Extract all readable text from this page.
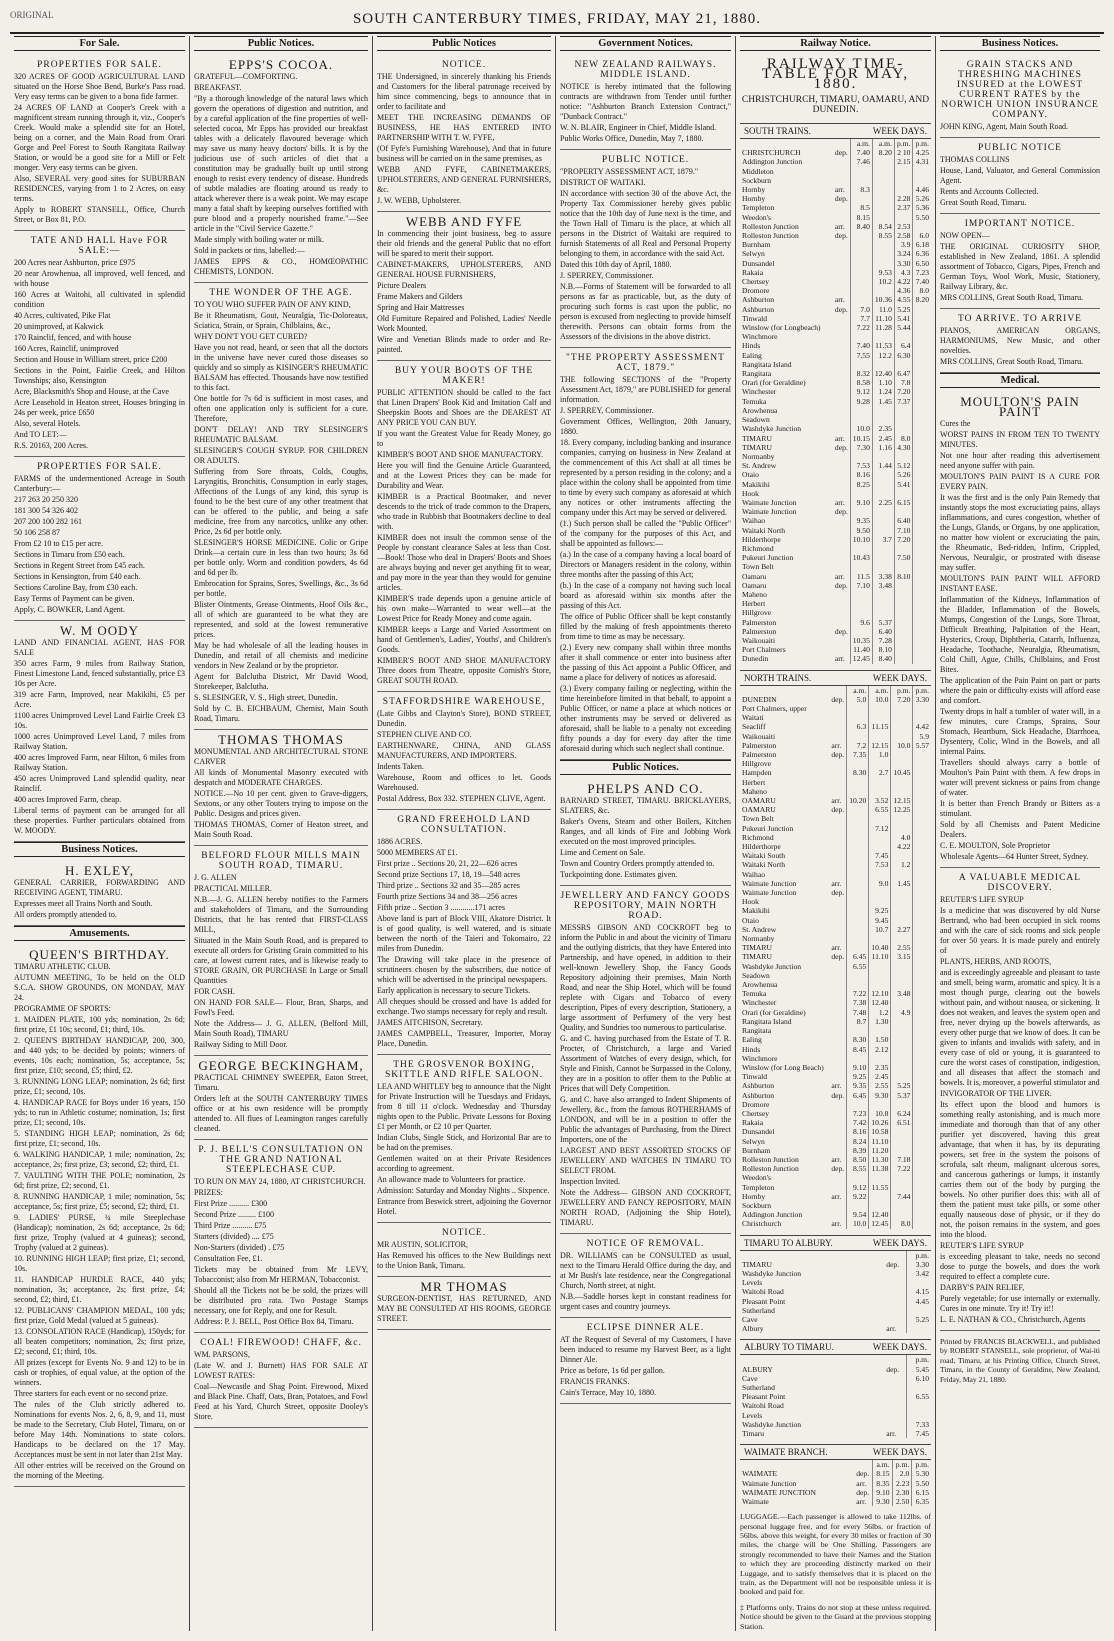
ORIGINAL	SOUTH CANTERBURY TIMES, FRIDAY, MAY 21, 1880.
For Sale.
PROPERTIES FOR SALE.

320 ACRES OF GOOD AGRICULTURAL LAND situated on the Horse Shoe Bend, Burke's Pass road. Very easy terms can be given to a bona fide farmer.

24 ACRES OF LAND at Cooper's Creek with a magnificent stream running through it, viz., Cooper's Creek. Would make a splendid site for an Hotel, being on a corner, and the Main Road from Orari Gorge and Peel Forest to South Rangitata Railway Station, or would be a good site for a Mill or Felt monger. Very easy terms can be given.

Also, SEVERAL very good sites for SUBURBAN RESIDENCES, varying from 1 to 2 Acres, on easy terms.

Apply to ROBERT STANSELL, Office, Church Street, or Box 81, P.O.

TATE AND HALL Have FOR SALE:—

200 Acres near Ashburton, price £975

20 near Arowhenua, all improved, well fenced, and with house

160 Acres at Waitohi, all cultivated in splendid condition

40 Acres, cultivated, Pike Flat

20 unimproved, at Kakwick

170 Rainclif, fenced, and with house

160 Acres, Rainclif, unimproved

Section and House in William street, price £200

Sections in the Point, Fairlie Creek, and Hilton Townships; also, Kensington

Acre, Blacksmith's Shop and House, at the Cave

Acre Leasehold in Heaton street, Houses bringing in 24s per week, price £650

Also, several Hotels.

And TO LET:—

R.S. 20163, 200 Acres.

PROPERTIES FOR SALE.

FARMS of the undermentioned Acreage in South Canterbury:—

217 263 20 250 320

181 300 54 326 402

207 200 100 282 161

50 106 258 87

From £2 10 to £15 per acre.

Sections in Timaru from £50 each.

Sections in Regent Street from £45 each.

Sections in Kensington, from £40 each.

Sections Caroline Bay, from £30 each.

Easy Terms of Payment can be given.

Apply, C. BOWKER, Land Agent.

W. M OODY

LAND AND FINANCIAL AGENT, HAS FOR SALE

350 acres Farm, 9 miles from Railway Station, Finest Limestone Land, fenced substantially, price £3 10s per Acre.

319 acre Farm, Improved, near Makikihi, £5 per Acre.

1100 acres Unimproved Level Land Fairlie Creek £3 10s.

1000 acres Unimproved Level Land, 7 miles from Railway Station.

400 acres Improved Farm, near Hilton, 6 miles from Railway Station.

450 acres Unimproved Land splendid quality, near Rainclif.

400 acres Improved Farm, cheap.

Liberal terms of payment can be arranged for all these properties. Further particulars obtained from W. MOODY.

Business Notices.
H. EXLEY,

GENERAL CARRIER, FORWARDING AND RECEIVING AGENT, TIMARU.

Expresses meet all Trains North and South.

All orders promptly attended to.

Amusements.
QUEEN'S BIRTHDAY.

TIMARU ATHLETIC CLUB.

AUTUMN MEETING, To be held on the OLD S.C.A. SHOW GROUNDS, ON MONDAY, MAY 24.

PROGRAMME OF SPORTS:

1. MAIDEN PLATE, 100 yds; nomination, 2s 6d; first prize, £1 10s; second, £1; third, 10s.

2. QUEEN'S BIRTHDAY HANDICAP, 200, 300, and 440 yds; to be decided by points; winners of events, 10s each; nomination, 5s; acceptance, 5s; first prize, £10; second, £5; third, £2.

3. RUNNING LONG LEAP; nomination, 2s 6d; first prize, £1; second, 10s.

4. HANDICAP RACE for Boys under 16 years, 150 yds; to run in Athletic costume; nomination, 1s; first prize, £1; second, 10s.

5. STANDING HIGH LEAP; nomination, 2s 6d; first prize, £1; second, 10s.

6. WALKING HANDICAP, 1 mile; nomination, 2s; acceptance, 2s; first prize, £3; second, £2; third, £1.

7. VAULTING WITH THE POLE; nomination, 2s 6d; first prize, £2; second, £1.

8. RUNNING HANDICAP, 1 mile; nomination, 5s; acceptance, 5s; first prize, £5; second, £2; third, £1.

9. LADIES' PURSE, ¾ mile Steeplechase (Handicap); nomination, 2s 6d; acceptance, 2s 6d; first prize, Trophy (valued at 4 guineas); second, Trophy (valued at 2 guineas).

10. RUNNING HIGH LEAP; first prize, £1; second, 10s.

11. HANDICAP HURDLE RACE, 440 yds; nomination, 3s; acceptance, 2s; first prize, £4; second, £2; third, £1.

12. PUBLICANS' CHAMPION MEDAL, 100 yds; first prize, Gold Medal (valued at 5 guineas).

13. CONSOLATION RACE (Handicap), 150yds; for all beaten competitors; nomination, 2s; first prize, £2; second, £1; third, 10s.

All prizes (except for Events No. 9 and 12) to be in cash or trophies, of equal value, at the option of the winners.

Three starters for each event or no second prize.

The rules of the Club strictly adhered to. Nominations for events Nos. 2, 6, 8, 9, and 11, must be made to the Secretary, Club Hotel, Timaru, on or before May 14th. Nominations to state colors. Handicaps to be declared on the 17 May. Acceptances must be sent in not later than 21st May.

All other entries will be received on the Ground on the morning of the Meeting.

Public Notices.
EPPS'S COCOA.

GRATEFUL—COMFORTING.

BREAKFAST.

"By a thorough knowledge of the natural laws which govern the operations of digestion and nutrition, and by a careful application of the fine properties of well-selected cocoa, Mr Epps has provided our breakfast tables with a delicately flavoured beverage which may save us many heavy doctors' bills. It is by the judicious use of such articles of diet that a constitution may be gradually built up until strong enough to resist every tendency of disease. Hundreds of subtle maladies are floating around us ready to attack wherever there is a weak point. We may escape many a fatal shaft by keeping ourselves fortified with pure blood and a properly nourished frame."—See article in the "Civil Service Gazette."

Made simply with boiling water or milk.

Sold in packets or tins, labelled:—

JAMES EPPS & CO., HOMŒOPATHIC CHEMISTS, LONDON.

THE WONDER OF THE AGE.

TO YOU WHO SUFFER PAIN OF ANY KIND,

Be it Rheumatism, Gout, Neuralgia, Tic-Doloreaux, Sciatica, Strain, or Sprain, Chilblains, &c.,

WHY DON'T YOU GET CURED?

Have you not read, heard, or seen that all the doctors in the universe have never cured those diseases so quickly and so simply as KISINGER'S RHEUMATIC BALSAM has effected. Thousands have now testified to this fact.

One bottle for 7s 6d is sufficient in most cases, and often one application only is sufficient for a cure. Therefore,

DON'T DELAY! AND TRY SLESINGER'S RHEUMATIC BALSAM.

SLESINGER'S COUGH SYRUP. FOR CHILDREN OR ADULTS.

Suffering from Sore throats, Colds, Coughs, Laryngitis, Bronchitis, Consumption in early stages, Affections of the Lungs of any kind, this syrup is found to be the best cure of any other treatment that can be offered to the public, and being a safe medicine, free from any narcotics, unlike any other. Price, 2s 6d per bottle only.

SLESINGER'S HORSE MEDICINE. Colic or Gripe Drink—a certain cure in less than two hours; 3s 6d per bottle only. Worm and condition powders, 4s 6d and 6d per lb.

Embrocation for Sprains, Sores, Swellings, &c., 3s 6d per bottle.

Blister Ointments, Grease Ointments, Hoof Oils &c., all of which are guaranteed to be what they are represented, and sold at the lowest remunerative prices.

May be had wholesale of all the leading houses in Dunedin, and retail of all chemists and medicine vendors in New Zealand or by the proprietor.

Agent for Balclutha District, Mr David Wood, Storekeeper, Balclutha.

S. SLESINGER, V. S., High street, Dunedin.

Sold by C. B. EICHBAUM, Chemist, Main South Road, Timaru.

THOMAS THOMAS

MONUMENTAL AND ARCHITECTURAL STONE CARVER

All kinds of Monumental Masonry executed with despatch and MODERATE CHARGES.

NOTICE.—No 10 per cent. given to Grave-diggers, Sextons, or any other Touters trying to impose on the Public. Designs and prices given.

THOMAS THOMAS, Corner of Heaton street, and Main South Road.

BELFORD FLOUR MILLS MAIN SOUTH ROAD, TIMARU.

J. G. ALLEN

PRACTICAL MILLER.

N.B.—J. G. ALLEN hereby notifies to the Farmers and stakeholders of Timaru, and the Surrounding Districts, that he has rented that FIRST-CLASS MILL,

Situated in the Main South Road, and is prepared to execute all orders for Gristing Grain committed to his care, at lowest current rates, and is likewise ready to STORE GRAIN, OR PURCHASE In Large or Small Quantities

FOR CASH.

ON HAND FOR SALE— Flour, Bran, Sharps, and Fowl's Feed.

Note the Address— J. G. ALLEN, (Belford Mill, Main South Road), TIMARU

Railway Siding to Mill Door.

GEORGE BECKINGHAM,

PRACTICAL CHIMNEY SWEEPER, Eaton Street, Timaru.

Orders left at the SOUTH CANTERBURY TIMES office or at his own residence will be promptly attended to. All flues of Leamington ranges carefully cleaned.

P. J. BELL'S CONSULTATION ON THE GRAND NATIONAL STEEPLECHASE CUP.

TO RUN ON MAY 24, 1880, AT CHRISTCHURCH.

PRIZES:

First Prize .......... £300

Second Prize ......... £100

Third Prize .......... £75

Starters (divided) .... £75

Non-Starters (divided) . £75

Consultation Fee, £1.

Tickets may be obtained from Mr LEVY, Tobacconist; also from Mr HERMAN, Tobacconist.

Should all the Tickets not be be sold, the prizes will be distributed pro rata. Two Postage Stamps necessary, one for Reply, and one for Result.

Address: P. J. BELL, Post Office Box 84, Timaru.

COAL! FIREWOOD! CHAFF, &c.

WM. PARSONS,

(Late W. and J. Burnett) HAS FOR SALE AT LOWEST RATES:

Coal—Newcastle and Shag Point. Firewood, Mixed and Black Pine. Chaff, Oats, Bran, Potatoes, and Fowl Feed at his Yard, Church Street, opposite Dooley's Store.

Public Notices
NOTICE.

THE Undersigned, in sincerely thanking his Friends and Customers for the liberal patronage received by him since commencing, begs to announce that in order to facilitate and

MEET THE INCREASING DEMANDS OF BUSINESS, HE HAS ENTERED INTO PARTNERSHIP WITH T. W. FYFE,

(Of Fyfe's Furnishing Warehouse), And that in future business will be carried on in the same premises, as

WEBB AND FYFE, CABINETMAKERS, UPHOLSTERERS, AND GENERAL FURNISHERS, &c.

J. W. WEBB, Upholsterer.

WEBB AND FYFE

In commencing their joint business, beg to assure their old friends and the general Public that no effort will be spared to merit their support.

CABINET-MAKERS, UPHOLSTERERS, AND GENERAL HOUSE FURNISHERS,

Picture Dealers

Frame Makers and Gilders

Spring and Hair Mattresses

Old Furniture Repaired and Polished, Ladies' Needle Work Mounted.

Wire and Venetian Blinds made to order and Re-painted.

BUY YOUR BOOTS OF THE MAKER!

PUBLIC ATTENTION should be called to the fact that Linen Drapers' Book Kid and Imitation Calf and Sheepskin Boots and Shoes are the DEAREST AT ANY PRICE YOU CAN BUY.

If you want the Greatest Value for Ready Money, go to

KIMBER'S BOOT AND SHOE MANUFACTORY.

Here you will find the Genuine Article Guaranteed, and at the Lowest Prices they can be made for Durability and Wear.

KIMBER is a Practical Bootmaker, and never descends to the trick of trade common to the Drapers, who trade in Rubbish that Bootmakers decline to deal with.

KIMBER does not insult the common sense of the People by constant clearance Sales at less than Cost.—Book! Those who deal in Drapers' Boots and Shoes are always buying and never get anything fit to wear, and pay more in the year than they would for genuine articles.

KIMBER'S trade depends upon a genuine article of his own make—Warranted to wear well—at the Lowest Price for Ready Money and come again.

KIMBER keeps a Large and Varied Assortment on hand of Gentlemen's, Ladies', Youths', and Children's Goods.

KIMBER'S BOOT AND SHOE MANUFACTORY Three doors from Theatre, opposite Cornish's Store, GREAT SOUTH ROAD.

STAFFORDSHIRE WAREHOUSE,

(Late Gibbs and Clayton's Store), BOND STREET, Dunedin.

STEPHEN CLIVE AND CO.

EARTHENWARE, CHINA, AND GLASS MANUFACTURERS, AND IMPORTERS.

Indents Taken.

Warehouse, Room and offices to let. Goods Warehoused.

Postal Address, Box 332. STEPHEN CLIVE, Agent.

GRAND FREEHOLD LAND CONSULTATION.

1886 ACRES.

5000 MEMBERS AT £1.

First prize .. Sections 20, 21, 22—626 acres

Second prize Sections 17, 18, 19—548 acres

Third prize .. Sections 32 and 35—285 acres

Fourth prize Sections 34 and 38—256 acres

Fifth prize .. Section 3 ............171 acres

Above land is part of Block VIII, Akatore District. It is of good quality, is well watered, and is situate between the north of the Taieri and Tokomairo, 22 miles from Dunedin.

The Drawing will take place in the presence of scrutineers chosen by the subscribers, due notice of which will be advertised in the principal newspapers.

Early application is necessary to secure Tickets.

All cheques should be crossed and have 1s added for exchange. Two stamps necessary for reply and result.

JAMES AITCHISON, Secretary.

JAMES CAMPBELL, Treasurer, Importer, Moray Place, Dunedin.

THE GROSVENOR BOXING, SKITTLE AND RIFLE SALOON.

LEA AND WHITLEY beg to announce that the Night for Private Instruction will be Tuesdays and Fridays, from 8 till 11 o'clock. Wednesday and Thursday nights open to the Public. Private Lessons for Boxing £1 per Month, or £2 10 per Quarter.

Indian Clubs, Single Stick, and Horizontal Bar are to be had on the premises.

Gentlemen waited on at their Private Residences according to agreement.

An allowance made to Volunteers for practice.

Admission: Saturday and Monday Nights .. Sixpence.

Entrance from Beswick street, adjoining the Governor Hotel.

NOTICE.

MR AUSTIN, SOLICITOR,

Has Removed his offices to the New Buildings next to the Union Bank, Timaru.

MR THOMAS

SURGEON-DENTIST, HAS RETURNED, AND MAY BE CONSULTED AT HIS ROOMS, GEORGE STREET.

Government Notices.
NEW ZEALAND RAILWAYS. MIDDLE ISLAND.

NOTICE is hereby intimated that the following contracts are withdrawn from Tender until further notice: "Ashburton Branch Extension Contract," "Dunback Contract."

W. N. BLAIR, Engineer in Chief, Middle Island.

Public Works Office, Dunedin, May 7, 1880.

PUBLIC NOTICE.

"PROPERTY ASSESSMENT ACT, 1879."

DISTRICT OF WAITAKI.

IN accordance with section 30 of the above Act, the Property Tax Commissioner hereby gives public notice that the 10th day of June next is the time, and the Town Hall of Timaru is the place, at which all persons in the District of Waitaki are required to furnish Statements of all Real and Personal Property belonging to them, in accordance with the said Act.

Dated this 10th day of April, 1880.

J. SPERREY, Commissioner.

N.B.—Forms of Statement will be forwarded to all persons as far as practicable, but, as the duty of procuring such forms is cast upon the public, no person is excused from neglecting to provide himself therewith. Persons can obtain forms from the Assessors of the divisions in the above district.

"THE PROPERTY ASSESSMENT ACT, 1879."

THE following SECTIONS of the "Property Assessment Act, 1879," are PUBLISHED for general information.

J. SPERREY, Commissioner.

Government Offices, Wellington, 20th January, 1880.

18. Every company, including banking and insurance companies, carrying on business in New Zealand at the commencement of this Act shall at all times be represented by a person residing in the colony; and a place within the colony shall be appointed from time to time by every such company as aforesaid at which any notices or other instruments affecting the company under this Act may be served or delivered.

(1.) Such person shall be called the "Public Officer" of the company for the purposes of this Act, and shall be appointed as follows:—

(a.) In the case of a company having a local board of Directors or Managers resident in the colony, within three months after the passing of this Act;

(b.) In the case of a company not having such local board as aforesaid within six months after the passing of this Act.

The office of Public Officer shall be kept constantly filled by the making of fresh appointments thereto from time to time as may be necessary.

(2.) Every new company shall within three months after it shall commence or enter into business after the passing of this Act appoint a Public Officer, and name a place for delivery of notices as aforesaid.

(3.) Every company failing or neglecting, within the time hereinbefore limited in that behalf, to appoint a Public Officer, or name a place at which notices or other instruments may be served or delivered as aforesaid, shall be liable to a penalty not exceeding fifty pounds a day for every day after the time aforesaid during which such neglect shall continue.

Public Notices.
PHELPS AND CO.

BARNARD STREET, TIMARU. BRICKLAYERS, SLATERS, &c.

Baker's Ovens, Steam and other Boilers, Kitchen Ranges, and all kinds of Fire and Jobbing Work executed on the most improved principles.

Lime and Cement on Sale.

Town and Country Orders promptly attended to.

Tuckpointing done. Estimates given.

JEWELLERY AND FANCY GOODS REPOSITORY, MAIN NORTH ROAD.

MESSRS GIBSON AND COCKROFT beg to inform the Public in and about the vicinity of Timaru and the outlying districts, that they have Entered into Partnership, and have opened, in addition to their well-known Jewellery Shop, the Fancy Goods Repository adjoining their premises, Main North Road, and near the Ship Hotel, which will be found replete with Cigars and Tobacco of every description, Pipes of every description, Stationery, a large assortment of Perfumery of the very best Quality, and Sundries too numerous to particularise.

G. and C. having purchased from the Estate of T. R. Procter, of Christchurch, a large and Varied Assortment of Watches of every design, which, for Style and Finish, Cannot be Surpassed in the Colony, they are in a position to offer them to the Public at Prices that will Defy Competition.

G. and C. have also arranged to Indent Shipments of Jewellery, &c., from the famous ROTHERHAMS of LONDON, and will be in a position to offer the Public the advantages of Purchasing, from the Direct Importers, one of the

LARGEST AND BEST ASSORTED STOCKS OF JEWELLERY AND WATCHES IN TIMARU TO SELECT FROM.

Inspection Invited.

Note the Address— GIBSON AND COCKROFT, JEWELLERY AND FANCY REPOSITORY, MAIN NORTH ROAD, (Adjoining the Ship Hotel), TIMARU.

NOTICE OF REMOVAL.

DR. WILLIAMS can be CONSULTED as usual, next to the Timaru Herald Office during the day, and at Mr Bush's late residence, near the Congregational Church, North street, at night.

N.B.—Saddle horses kept in constant readiness for urgent cases and country journeys.

ECLIPSE DINNER ALE.

AT the Request of Several of my Customers, I have been induced to resume my Harvest Beer, as a light Dinner Ale.

Price as before, 1s 6d per gallon.

FRANCIS FRANKS.

Cain's Terrace, May 10, 1880.

Railway Notice.
RAILWAY TIME-TABLE FOR MAY, 1880.
CHRISTCHURCH, TIMARU, OAMARU, AND DUNEDIN.
SOUTH TRAINS.	WEEK DAYS.
		a.m.	a.m.	p.m.	p.m.
CHRISTCHURCH	dep.	7.40	8.20	2 10	4.25
Addington Junction		7.46		2.15	4.31
Middleton					
Sockburn					
Hornby	arr.	8.3			4.46
Hornby	dep.			2.28	5.26
Templeton		8.5		2.37	5.36
Weedon's		8.15			5.50
Rolleston Junction	arr.	8.40	8.54	2.53	
Rolleston Junction	dep.		8.55	2.58	6.0
Burnham				3.9	6.18
Selwyn				3.24	6.36
Dunsandel				3.30	6.50
Rakaia			9.53	4.3	7.23
Chertsey			10.2	4.22	7.40
Dromore				4.36	8.0
Ashburton	arr.		10.36	4.55	8.20
Ashburton	dep.	7.0	11.0	5.25	
Tinwald		7.7	11.10	5.41	
Winslow (for Longbeach)		7.22	11.28	5.44	
Winchmore					
Hinds		7.40	11.53	6.4	
Ealing		7.55	12.2	6.30	
Rangitata Island					
Rangitata		8.32	12.40	6.47	
Orari (for Geraldine)		8.58	1.10	7.8	
Winchester		9.12	1.24	7.20	
Temuka		9.28	1.45	7.37	
Arowhenua					
Seadown					
Washdyke Junction		10.0	2.35		
TIMARU	arr.	10.15	2.45	8.0	
TIMARU	dep.	7.30	1.16	4.30	
Normanby					
St. Andrew		7.53	1.44	5.12	
Otaio		8.16		5.26	
Makikihi		8.25		5.41	
Hook					
Waimate Junction	arr.	9.10	2.25	6.15	
Waimate Junction	dep.				
Waihao		9.35		6.40	
Waitaki North		9.50		7.10	
Hilderthorpe		10.10	3.7	7.20	
Richmond					
Pukeuri Junction		10.43		7.50	
Town Belt					
Oamaru	arr.	11.5	3.38	8.10	
Oamaru	dep.	7.10	3.48		
Maheno					
Herbert					
Hillgrove					
Palmerston		9.6	5.37		
Palmerston	dep.		6.40		
Waikouaiti		10.35	7.28		
Port Chalmers		11.40	8.10		
Dunedin	arr.	12.45	8.40		
NORTH TRAINS.	WEEK DAYS.
		a.m.	a.m.	p.m.	p.m.
DUNEDIN	dep.	5.0	10.0	7.20	3.30
Port Chalmers, upper					
Waitati					
Seacliff		6.3	11.15		4.42
Waikouaiti					5.9
Palmerston	arr.	7.2	12.15	10.0	5.57
Palmerston	dep.	7.35	1.0		
Hillgrove					
Hampden		8.30	2.7	10.45	
Herbert					
Maheno					
OAMARU	arr.	10.20	3.52	12.15	
OAMARU	dep.		6.55	12.25	
Town Belt					
Pukeuri Junction			7.12		
Richmond				4.0	
Hilderthorpe				4.22	
Waitaki South			7.45		
Waitaki North			7.53	1.2	
Waihao					
Waimate Junction	arr.		9.0	1.45	
Waimate Junction	dep.				
Hook					
Makikihi			9.25		
Otaio			9.45		
St. Andrew			10.7	2.27	
Normanby					
TIMARU	arr.		10.40	2.55	
TIMARU	dep.	6.45	11.10	3.15	
Washdyke Junction		6.55			
Seadown					
Arowhenua					
Temuka		7.22	12.10	3.48	
Winchester		7.38	12.40		
Orari (for Geraldine)		7.48	1.2	4.9	
Rangitata Island		8.7	1.30		
Rangitata					
Ealing		8.30	1.50		
Hinds		8.45	2.12		
Winchmore					
Winslow (for Long Beach)		9.10	2.35		
Tinwald		9.25	2.45		
Ashburton	arr.	9.35	2.55	5.25	
Ashburton	dep.	6.45	9.30	5.37	
Dromore					
Chertsey		7.23	10.8	6.24	
Rakaia		7.42	10.26	6.51	
Dunsandel		8.16	10.58		
Selwyn		8.24	11.10		
Burnham		8.39	11.20		
Rolleston Junction	arr.	8.50	11.30	7.18	
Rolleston Junction	dep.	8.55	11.38	7.22	
Weedon's					
Templeton		9.12	11.55		
Hornby	arr.	9.22		7.44	
Sockburn					
Addington Junction		9.54	12.40		
Christchurch	arr.	10.0	12.45	8.0	
TIMARU TO ALBURY.	WEEK DAYS.
		p.m.
TIMARU	dep.	3.30
Washdyke Junction		3.42
Levels		
Waitohi Road		4.15
Pleasant Point		4.45
Sutherland		
Cave		5.25
Albury	arr.	
ALBURY TO TIMARU.	WEEK DAYS.
		p.m.
ALBURY	dep.	5.45
Cave		6.10
Sutherland		
Pleasant Point		6.55
Waitohi Road		
Levels		
Washdyke Junction		7.33
Timaru	arr.	7.45
WAIMATE BRANCH.	WEEK DAYS.
		a.m.	p.m.	p.m.
WAIMATE	dep.	8.15	2.0	5.30
Waimate Junction	arr.	8.35	2.23	5.50
WAIMATE JUNCTION	dep.	9.10	2.30	6.15
Waimate	arr.	9.30	2.50	6.35
LUGGAGE.—Each passenger is allowed to take 112lbs. of personal luggage free, and for every 56lbs. or fraction of 56lbs. above this weight, for every 30 miles or fraction of 30 miles, the charge will be One Shilling. Passengers are strongly recommended to have their Names and the Station to which they are proceeding distinctly marked on their Luggage, and to satisfy themselves that it is placed on the train, as the Department will not be responsible unless it is booked and paid for.
‡ Platforms only. Trains do not stop at these unless required. Notice should be given to the Guard at the previous stopping Station.
Business Notices.
GRAIN STACKS AND THRESHING MACHINES INSURED at the LOWEST CURRENT RATES by the NORWICH UNION INSURANCE COMPANY.

JOHN KING, Agent, Main South Road.

PUBLIC NOTICE

THOMAS COLLINS

House, Land, Valuator, and General Commission Agent.

Rents and Accounts Collected.

Great South Road, Timaru.

IMPORTANT NOTICE.

NOW OPEN—

THE ORIGINAL CURIOSITY SHOP, established in New Zealand, 1861. A splendid assortment of Tobacco, Cigars, Pipes, French and German Toys, Wool Work, Music, Stationery, Railway Library, &c.

MRS COLLINS, Great South Road, Timaru.

TO ARRIVE. TO ARRIVE

PIANOS, AMERICAN ORGANS, HARMONIUMS, New Music, and other novelties.

MRS COLLINS, Great South Road, Timaru.

Medical.
MOULTON'S PAIN PAINT

Cures the

WORST PAINS IN FROM TEN TO TWENTY MINUTES.

Not one hour after reading this advertisement need anyone suffer with pain.

MOULTON'S PAIN PAINT IS A CURE FOR EVERY PAIN.

It was the first and is the only Pain Remedy that instantly stops the most excruciating pains, allays inflammations, and cures congestion, whether of the Lungs, Glands, or Organs, by one application, no matter how violent or excruciating the pain, the Rheumatic, Bed-ridden, Infirm, Crippled, Nervous, Neuralgic, or prostrated with disease may suffer.

MOULTON'S PAIN PAINT WILL AFFORD INSTANT EASE.

Inflammation of the Kidneys, Inflammation of the Bladder, Inflammation of the Bowels, Mumps, Congestion of the Lungs, Sore Throat, Difficult Breathing, Palpitation of the Heart, Hysterics, Croup, Diphtheria, Catarrh, Influenza, Headache, Toothache, Neuralgia, Rheumatism, Cold Chill, Ague, Chills, Chilblains, and Frost Bites.

The application of the Pain Paint on part or parts where the pain or difficulty exists will afford ease and comfort.

Twenty drops in half a tumbler of water will, in a few minutes, cure Cramps, Sprains, Sour Stomach, Heartburn, Sick Headache, Diarrhoea, Dysentery, Colic, Wind in the Bowels, and all internal Pains.

Travellers should always carry a bottle of Moulton's Pain Paint with them. A few drops in water will prevent sickness or pains from change of water.

It is better than French Brandy or Bitters as a stimulant.

Sold by all Chemists and Patent Medicine Dealers.

C. E. MOULTON, Sole Proprietor

Wholesale Agents—64 Hunter Street, Sydney.

A VALUABLE MEDICAL DISCOVERY.

REUTER'S LIFE SYRUP

Is a medicine that was discovered by old Nurse Bertrand, who had been occupied in sick rooms and with the care of sick rooms and sick people for over 50 years. It is made purely and entirely of

PLANTS, HERBS, AND ROOTS,

and is exceedingly agreeable and pleasant to taste and smell, being warm, aromatic and spicy. It is a most though purge, clearing out the bowels without pain, and without nausea, or sickening. It does not weaken, and leaves the system open and free, never drying up the bowels afterwards, as every other purge that we know of does. It can be given to infants and invalids with safety, and in every case of old or young, it is guaranteed to cure the worst cases of constipation, indigestion, and all diseases that affect the stomach and bowels. It is, moreover, a powerful stimulator and

INVIGORATOR OF THE LIVER.

Its effect upon the blood and humors is something really astonishing, and is much more immediate and thorough than that of any other purifier yet discovered, having this great advantage, that when it has, by its depurating powers, set free in the system the poisons of scrofula, salt rheum, malignant ulcerous sores, and cancerous gatherings or lumps, it instantly carries them out of the body by purging the bowels. No other purifier does this: with all of them the patient must take pills, or some other equally nauseous dose of physic, or if they do not, the poison remains in the system, and goes into the blood.

REUTER'S LIFE SYRUP

is exceeding pleasant to take, needs no second dose to purge the bowels, and does the work required to effect a complete cure.

DARBY'S PAIN RELIEF,

Purely vegetable; for use internally or externally. Cures in one minute. Try it! Try it!!

L. E. NATHAN & CO., Christchurch, Agents

Printed by FRANCIS BLACKWELL, and published by ROBERT STANSELL, sole proprietor, of Wai-iti road, Timaru, at his Printing Office, Church Street, Timaru, in the County of Geraldine, New Zealand, Friday, May 21, 1880.
